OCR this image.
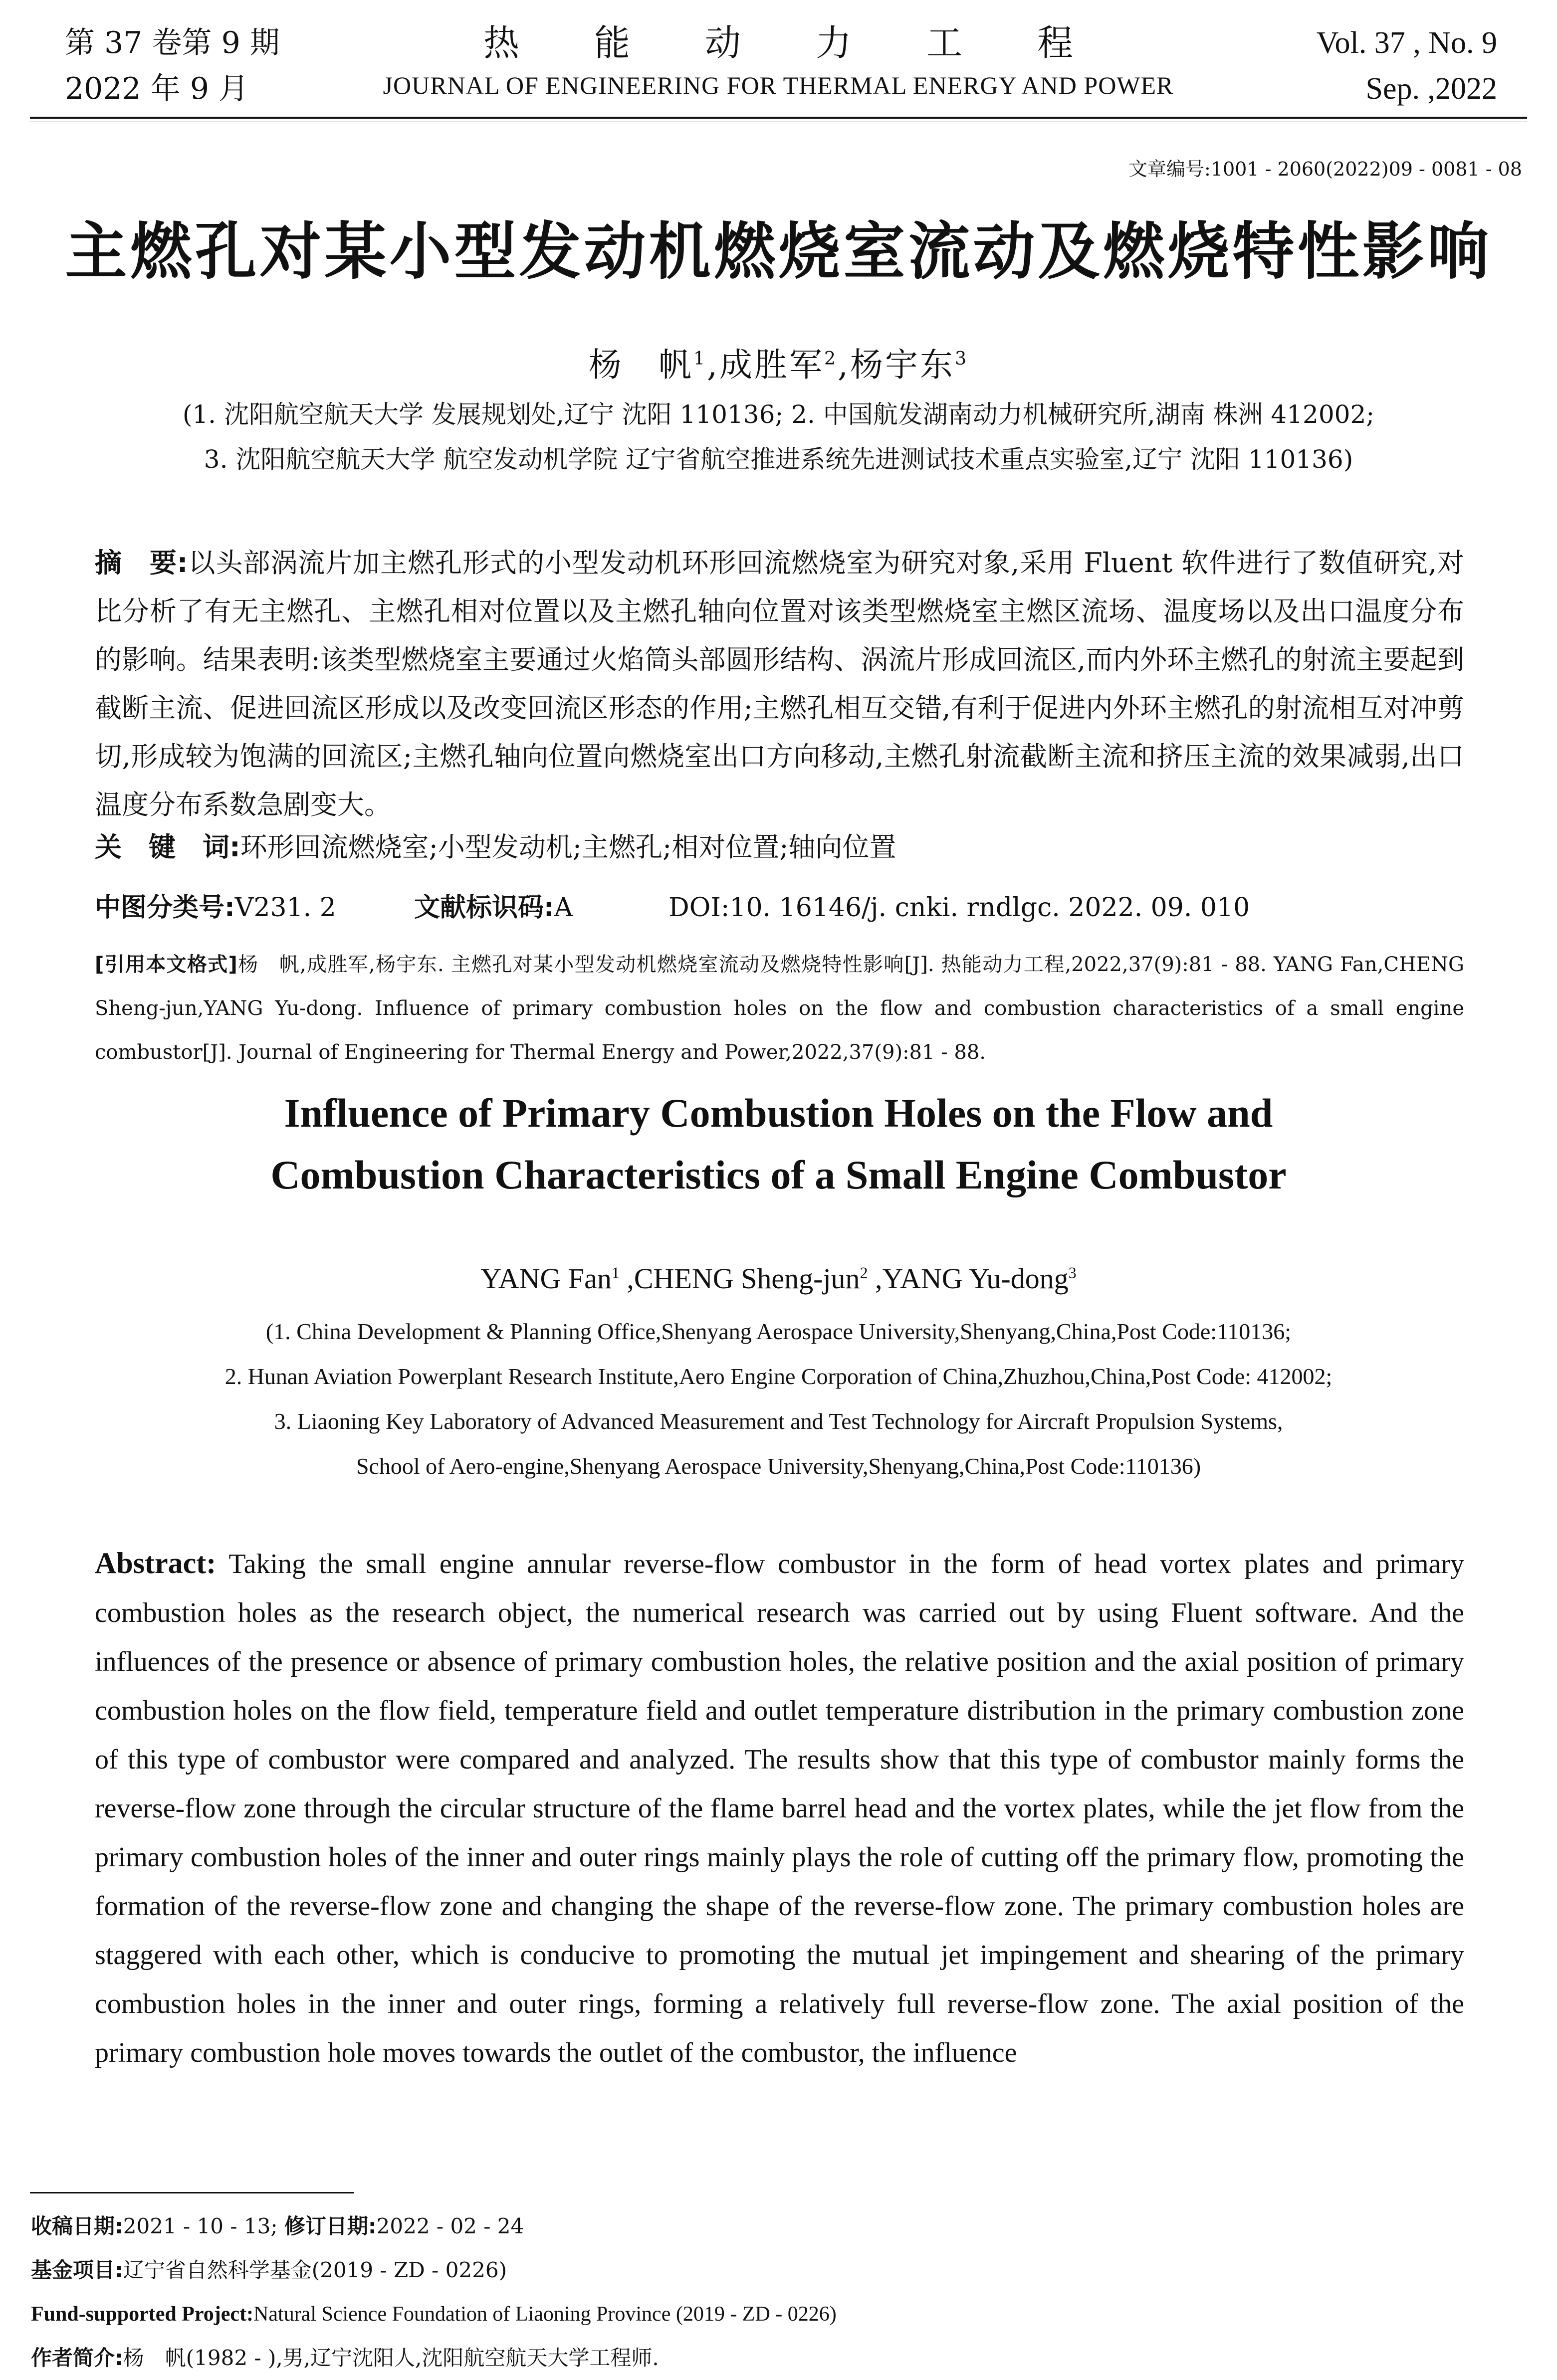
第 37 卷第 9 期
2022 年 9 月
热能动力工程
JOURNAL OF ENGINEERING FOR THERMAL ENERGY AND POWER
Vol. 37 , No. 9
Sep. ,2022
文章编号:1001 - 2060(2022)09 - 0081 - 08
主燃孔对某小型发动机燃烧室流动及燃烧特性影响
杨　帆$^1$,成胜军$^2$,杨宇东$^3$
(1. 沈阳航空航天大学 发展规划处,辽宁 沈阳 110136; 2. 中国航发湖南动力机械研究所,湖南 株洲 412002;
3. 沈阳航空航天大学 航空发动机学院 辽宁省航空推进系统先进测试技术重点实验室,辽宁 沈阳 110136)
摘　要:以头部涡流片加主燃孔形式的小型发动机环形回流燃烧室为研究对象,采用 Fluent 软件进行了数值研究,对比分析了有无主燃孔、主燃孔相对位置以及主燃孔轴向位置对该类型燃烧室主燃区流场、温度场以及出口温度分布的影响。结果表明:该类型燃烧室主要通过火焰筒头部圆形结构、涡流片形成回流区,而内外环主燃孔的射流主要起到截断主流、促进回流区形成以及改变回流区形态的作用;主燃孔相互交错,有利于促进内外环主燃孔的射流相互对冲剪切,形成较为饱满的回流区;主燃孔轴向位置向燃烧室出口方向移动,主燃孔射流截断主流和挤压主流的效果减弱,出口温度分布系数急剧变大。
关　键　词:环形回流燃烧室;小型发动机;主燃孔;相对位置;轴向位置
中图分类号:V231. 2	文献标识码:A	DOI:10. 16146/j. cnki. rndlgc. 2022. 09. 010
[引用本文格式]杨　帆,成胜军,杨宇东. 主燃孔对某小型发动机燃烧室流动及燃烧特性影响[J]. 热能动力工程,2022,37(9):81 - 88. YANG Fan,CHENG Sheng-jun,YANG Yu-dong. Influence of primary combustion holes on the flow and combustion characteristics of a small engine combustor[J]. Journal of Engineering for Thermal Energy and Power,2022,37(9):81 - 88.
Influence of Primary Combustion Holes on the Flow and
Combustion Characteristics of a Small Engine Combustor
YANG Fan$^1$ ,CHENG Sheng-jun$^2$ ,YANG Yu-dong$^3$
(1. China Development & Planning Office,Shenyang Aerospace University,Shenyang,China,Post Code:110136;
2. Hunan Aviation Powerplant Research Institute,Aero Engine Corporation of China,Zhuzhou,China,Post Code: 412002;
3. Liaoning Key Laboratory of Advanced Measurement and Test Technology for Aircraft Propulsion Systems,
School of Aero-engine,Shenyang Aerospace University,Shenyang,China,Post Code:110136)
Abstract: Taking the small engine annular reverse-flow combustor in the form of head vortex plates and primary combustion holes as the research object, the numerical research was carried out by using Fluent software. And the influences of the presence or absence of primary combustion holes, the relative position and the axial position of primary combustion holes on the flow field, temperature field and outlet temperature distribution in the primary combustion zone of this type of combustor were compared and analyzed. The results show that this type of combustor mainly forms the reverse-flow zone through the circular structure of the flame barrel head and the vortex plates, while the jet flow from the primary combustion holes of the inner and outer rings mainly plays the role of cutting off the primary flow, promoting the formation of the reverse-flow zone and changing the shape of the reverse-flow zone. The primary combustion holes are staggered with each other, which is conducive to promoting the mutual jet impingement and shearing of the primary combustion holes in the inner and outer rings, forming a relatively full reverse-flow zone. The axial position of the primary combustion hole moves towards the outlet of the combustor, the influence
收稿日期:2021 - 10 - 13; 修订日期:2022 - 02 - 24
基金项目:辽宁省自然科学基金(2019 - ZD - 0226)
Fund-supported Project:Natural Science Foundation of Liaoning Province (2019 - ZD - 0226)
作者简介:杨　帆(1982 - ),男,辽宁沈阳人,沈阳航空航天大学工程师.
